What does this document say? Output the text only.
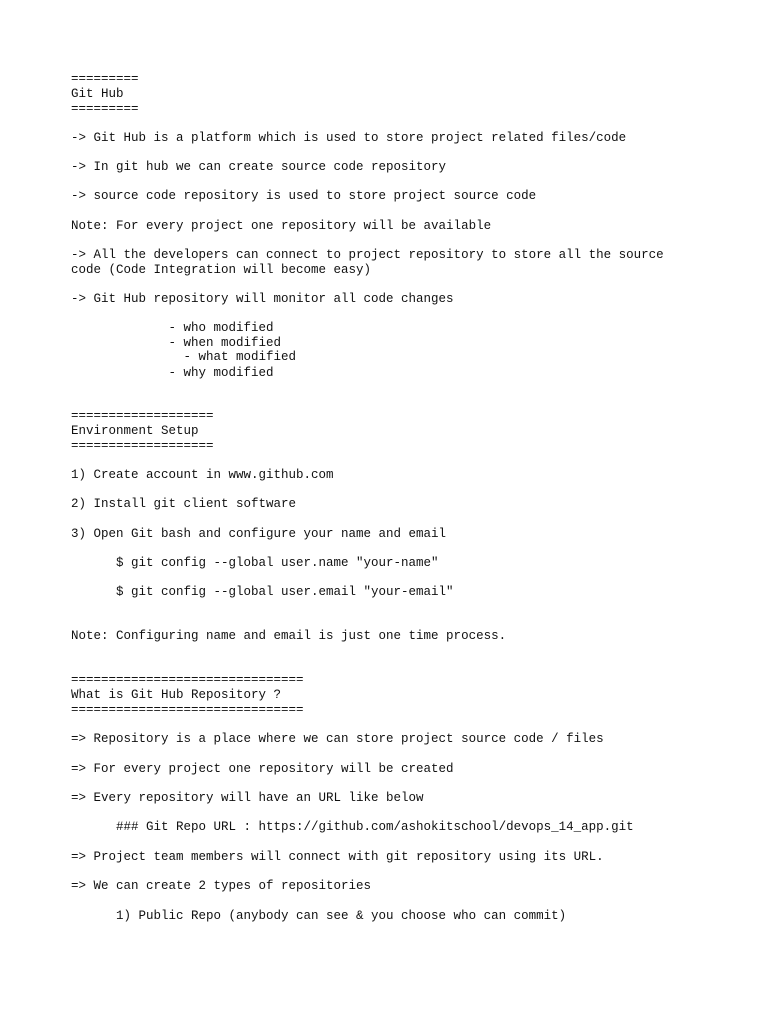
=========
Git Hub
=========
-> Git Hub is a platform which is used to store project related files/code
-> In git hub we can create source code repository
-> source code repository is used to store project source code
Note: For every project one repository will be available
-> All the developers can connect to project repository to store all the source
code (Code Integration will become easy)
-> Git Hub repository will monitor all code changes
- who modified
- when modified
- what modified
- why modified
===================
Environment Setup
===================
1) Create account in www.github.com
2) Install git client software
3) Open Git bash and configure your name and email
$ git config --global user.name "your-name"
$ git config --global user.email "your-email"
Note: Configuring name and email is just one time process.
===============================
What is Git Hub Repository ?
===============================
=> Repository is a place where we can store project source code / files
=> For every project one repository will be created
=> Every repository will have an URL like below
### Git Repo URL : https://github.com/ashokitschool/devops_14_app.git
=> Project team members will connect with git repository using its URL.
=> We can create 2 types of repositories
1) Public Repo (anybody can see & you choose who can commit)
